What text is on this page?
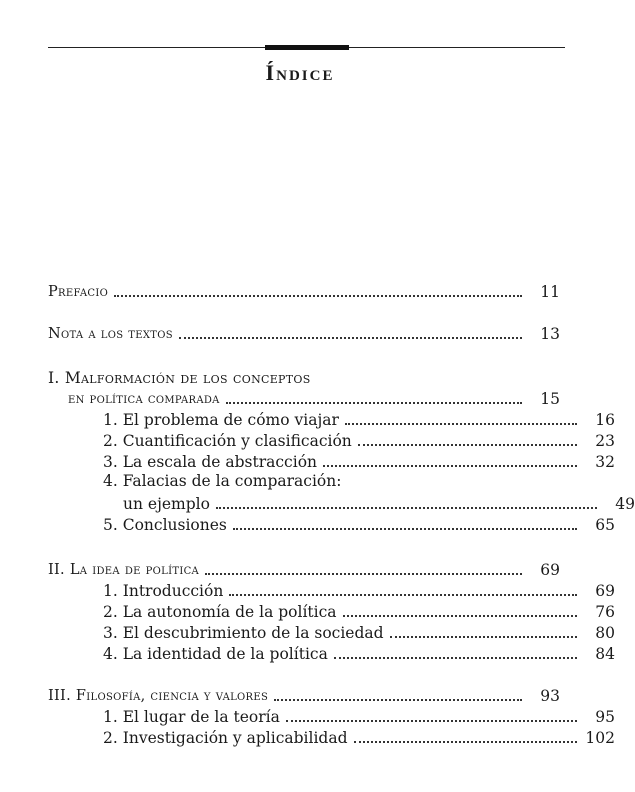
Índice
Prefacio	11
Nota a los textos	13
I. Malformación de los conceptos
en política comparada	15
1. El problema de cómo viajar	16
2. Cuantificación y clasificación	23
3. La escala de abstracción	32
4. Falacias de la comparación:
un ejemplo	49
5. Conclusiones	65
II. La idea de política	69
1. Introducción	69
2. La autonomía de la política	76
3. El descubrimiento de la sociedad	80
4. La identidad de la política	84
III. Filosofía, ciencia y valores	93
1. El lugar de la teoría	95
2. Investigación y aplicabilidad	102
